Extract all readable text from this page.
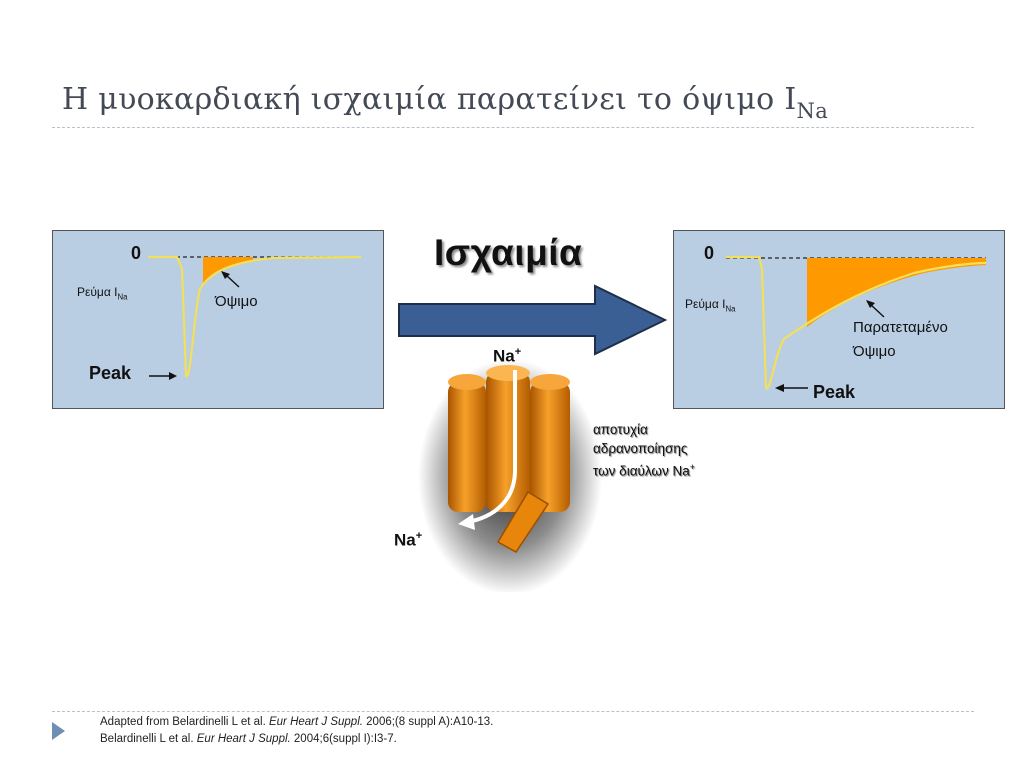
Η μυοκαρδιακή ισχαιμία παρατείνει το όψιμο $I_{Na}$
0
Ρεύμα $I_{Na}$	Όψιμο
Peak
Ισχαιμία	0
Ρεύμα $I_{Na}$
Παρατεταμένο
Όψιμο
Peak
Na+
Na+
αποτυχία
αδρανοποίησης
των διαύλων Na+
Adapted from Belardinelli L et al. Eur Heart J Suppl. 2006;(8 suppl A):A10-13.
Belardinelli L et al. Eur Heart J Suppl. 2004;6(suppl I):I3-7.
